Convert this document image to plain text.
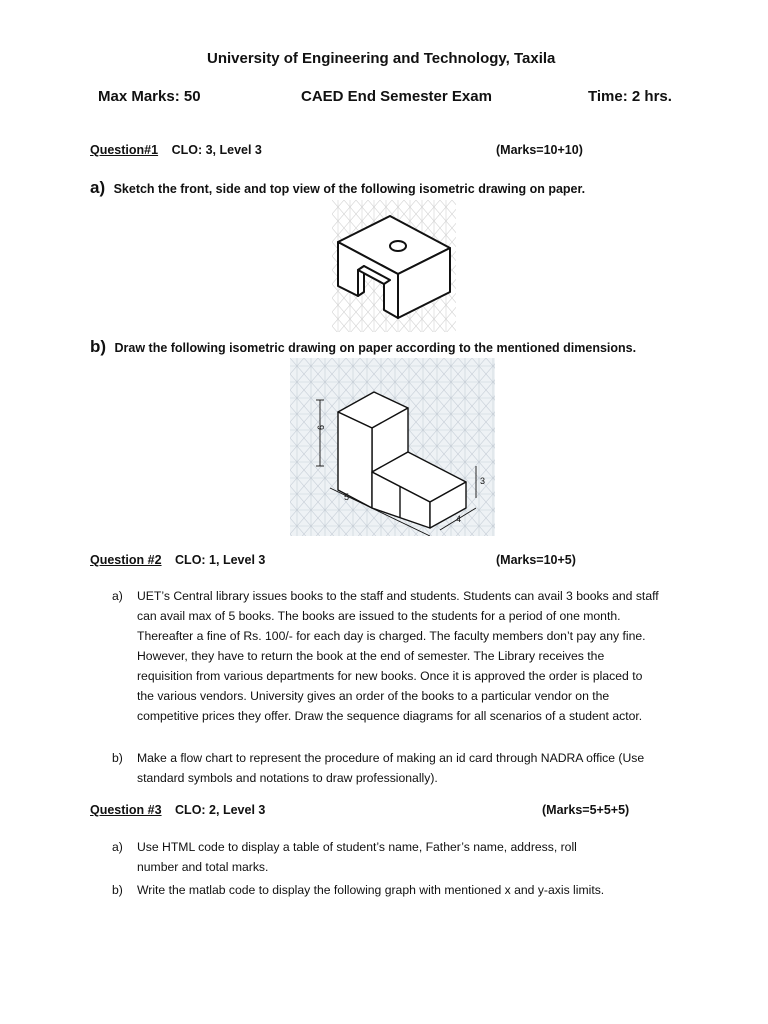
University of Engineering and Technology, Taxila
Max Marks: 50	CAED End Semester Exam	Time: 2 hrs.
Question#1 CLO: 3, Level 3	(Marks=10+10)
a) Sketch the front, side and top view of the following isometric drawing on paper.
b) Draw the following isometric drawing on paper according to the mentioned dimensions.
6
5
4
3
Question #2 CLO: 1, Level 3	(Marks=10+5)
a) UET’s Central library issues books to the staff and students. Students can avail 3 books and staff
can avail max of 5 books. The books are issued to the students for a period of one month.
Thereafter a fine of Rs. 100/- for each day is charged. The faculty members don’t pay any fine.
However, they have to return the book at the end of semester. The Library receives the
requisition from various departments for new books. Once it is approved the order is placed to
the various vendors. University gives an order of the books to a particular vendor on the
competitive prices they offer. Draw the sequence diagrams for all scenarios of a student actor.
b) Make a flow chart to represent the procedure of making an id card through NADRA office (Use
standard symbols and notations to draw professionally).
Question #3 CLO: 2, Level 3	(Marks=5+5+5)
a) Use HTML code to display a table of student’s name, Father’s name, address, roll
number and total marks.
b) Write the matlab code to display the following graph with mentioned x and y-axis limits.
